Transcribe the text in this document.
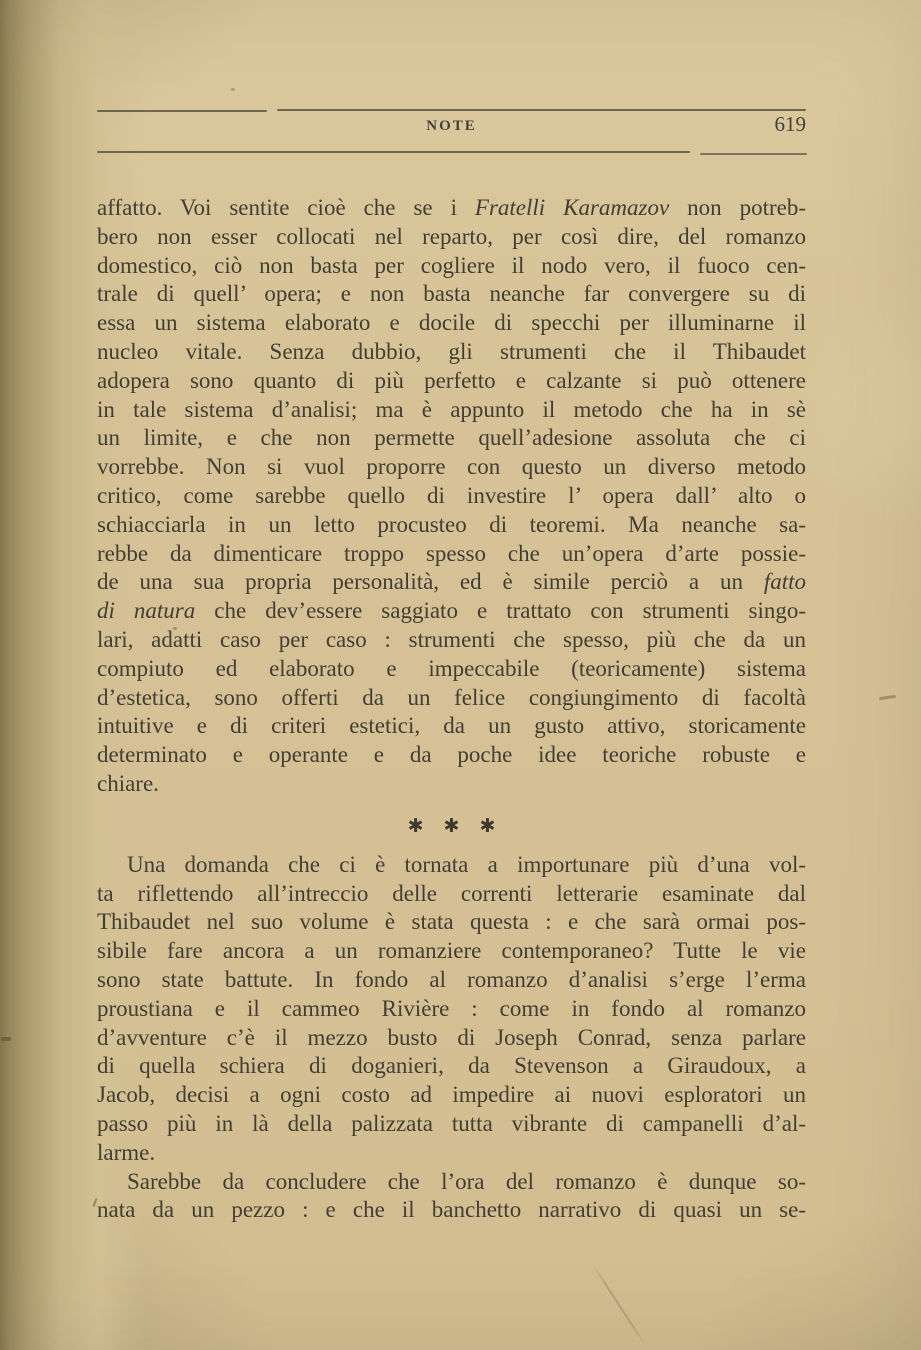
NOTE	619
affatto. Voi sentite cioè che se i Fratelli Karamazov non potreb-
bero non esser collocati nel reparto, per così dire, del romanzo
domestico, ciò non basta per cogliere il nodo vero, il fuoco cen-
trale di quell’ opera; e non basta neanche far convergere su di
essa un sistema elaborato e docile di specchi per illuminarne il
nucleo vitale. Senza dubbio, gli strumenti che il Thibaudet
adopera sono quanto di più perfetto e calzante si può ottenere
in tale sistema d’analisi; ma è appunto il metodo che ha in sè
un limite, e che non permette quell’adesione assoluta che ci
vorrebbe. Non si vuol proporre con questo un diverso metodo
critico, come sarebbe quello di investire l’ opera dall’ alto o
schiacciarla in un letto procusteo di teoremi. Ma neanche sa-
rebbe da dimenticare troppo spesso che un’opera d’arte possie-
de una sua propria personalità, ed è simile perciò a un fatto
di natura che dev’essere saggiato e trattato con strumenti singo-
lari, adatti caso per caso : strumenti che spesso, più che da un
compiuto ed elaborato e impeccabile (teoricamente) sistema
d’estetica, sono offerti da un felice congiungimento di facoltà
intuitive e di criteri estetici, da un gusto attivo, storicamente
determinato e operante e da poche idee teoriche robuste e
chiare.
Una domanda che ci è tornata a importunare più d’una vol-
ta riflettendo all’intreccio delle correnti letterarie esaminate dal
Thibaudet nel suo volume è stata questa : e che sarà ormai pos-
sibile fare ancora a un romanziere contemporaneo? Tutte le vie
sono state battute. In fondo al romanzo d’analisi s’erge l’erma
proustiana e il cammeo Rivière : come in fondo al romanzo
d’avventure c’è il mezzo busto di Joseph Conrad, senza parlare
di quella schiera di doganieri, da Stevenson a Giraudoux, a
Jacob, decisi a ogni costo ad impedire ai nuovi esploratori un
passo più in là della palizzata tutta vibrante di campanelli d’al-
larme.
Sarebbe da concludere che l’ora del romanzo è dunque so-
nata da un pezzo : e che il banchetto narrativo di quasi un se-
✱ ✱ ✱
